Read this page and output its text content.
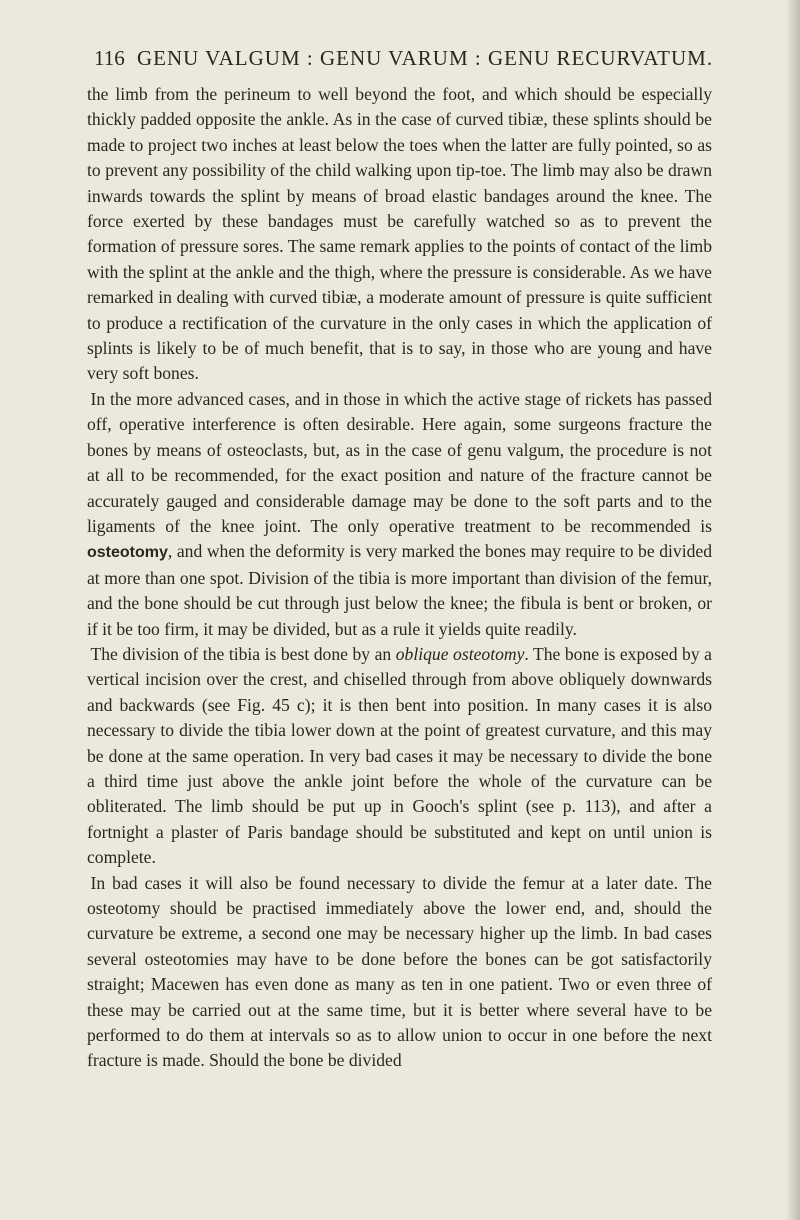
116 GENU VALGUM : GENU VARUM : GENU RECURVATUM.

the limb from the perineum to well beyond the foot, and which should be especially thickly padded opposite the ankle. As in the case of curved tibiæ, these splints should be made to project two inches at least below the toes when the latter are fully pointed, so as to prevent any possibility of the child walking upon tip-toe. The limb may also be drawn inwards towards the splint by means of broad elastic bandages around the knee. The force exerted by these bandages must be carefully watched so as to prevent the formation of pressure sores. The same remark applies to the points of contact of the limb with the splint at the ankle and the thigh, where the pressure is considerable. As we have remarked in dealing with curved tibiæ, a moderate amount of pressure is quite sufficient to produce a rectification of the curvature in the only cases in which the application of splints is likely to be of much benefit, that is to say, in those who are young and have very soft bones.

In the more advanced cases, and in those in which the active stage of rickets has passed off, operative interference is often desirable. Here again, some surgeons fracture the bones by means of osteoclasts, but, as in the case of genu valgum, the procedure is not at all to be recommended, for the exact position and nature of the fracture cannot be accurately gauged and considerable damage may be done to the soft parts and to the ligaments of the knee joint. The only operative treatment to be recommended is osteotomy, and when the deformity is very marked the bones may require to be divided at more than one spot. Division of the tibia is more important than division of the femur, and the bone should be cut through just below the knee; the fibula is bent or broken, or if it be too firm, it may be divided, but as a rule it yields quite readily.

The division of the tibia is best done by an oblique osteotomy. The bone is exposed by a vertical incision over the crest, and chiselled through from above obliquely downwards and backwards (see Fig. 45 c); it is then bent into position. In many cases it is also necessary to divide the tibia lower down at the point of greatest curvature, and this may be done at the same operation. In very bad cases it may be necessary to divide the bone a third time just above the ankle joint before the whole of the curvature can be obliterated. The limb should be put up in Gooch's splint (see p. 113), and after a fortnight a plaster of Paris bandage should be substituted and kept on until union is complete.

In bad cases it will also be found necessary to divide the femur at a later date. The osteotomy should be practised immediately above the lower end, and, should the curvature be extreme, a second one may be necessary higher up the limb. In bad cases several osteotomies may have to be done before the bones can be got satisfactorily straight; Macewen has even done as many as ten in one patient. Two or even three of these may be carried out at the same time, but it is better where several have to be performed to do them at intervals so as to allow union to occur in one before the next fracture is made. Should the bone be divided
